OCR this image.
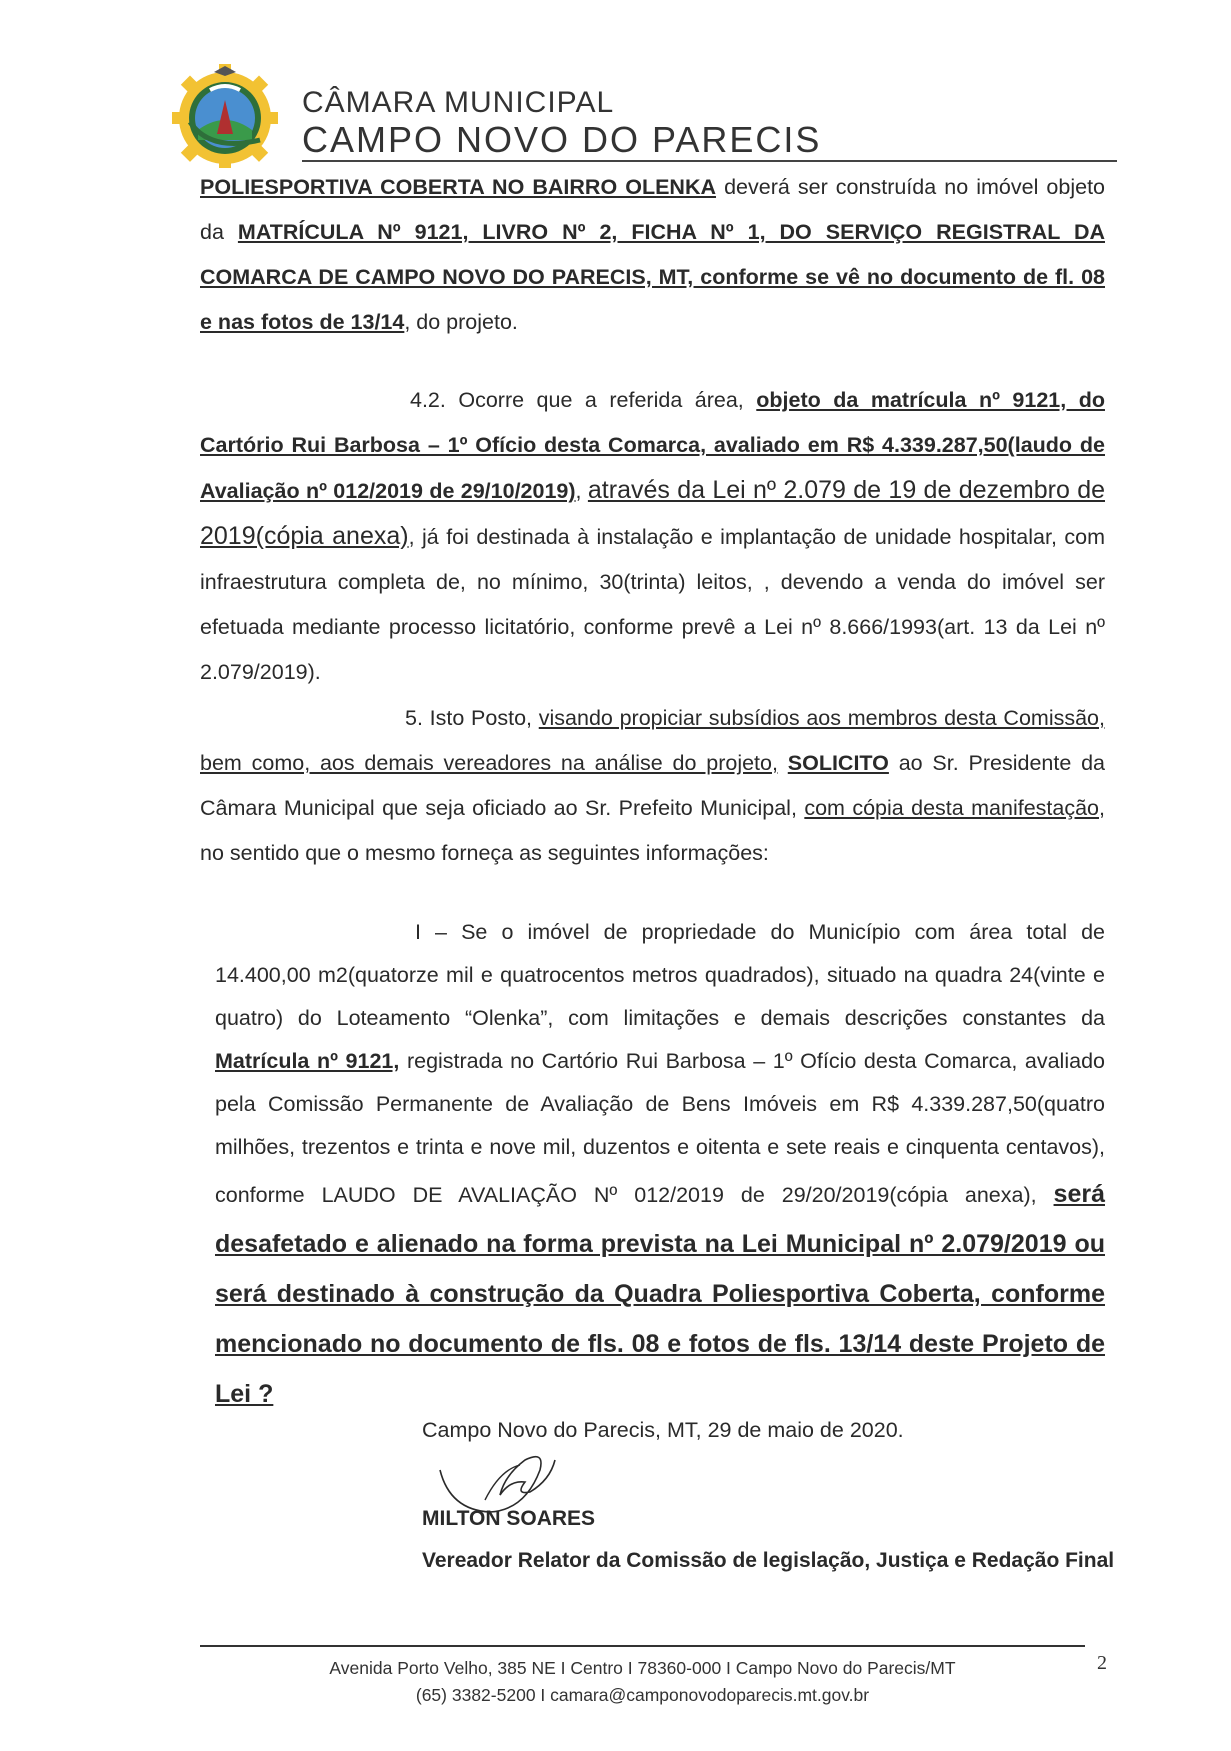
CÂMARA MUNICIPAL
CAMPO NOVO DO PARECIS
POLIESPORTIVA COBERTA NO BAIRRO OLENKA deverá ser construída no imóvel objeto da MATRÍCULA Nº 9121, LIVRO Nº 2, FICHA Nº 1, DO SERVIÇO REGISTRAL DA COMARCA DE CAMPO NOVO DO PARECIS, MT, conforme se vê no documento de fl. 08 e nas fotos de 13/14, do projeto.
4.2. Ocorre que a referida área, objeto da matrícula nº 9121, do Cartório Rui Barbosa – 1º Ofício desta Comarca, avaliado em R$ 4.339.287,50(laudo de Avaliação nº 012/2019 de 29/10/2019), através da Lei nº 2.079 de 19 de dezembro de 2019(cópia anexa), já foi destinada à instalação e implantação de unidade hospitalar, com infraestrutura completa de, no mínimo, 30(trinta) leitos, , devendo a venda do imóvel ser efetuada mediante processo licitatório, conforme prevê a Lei nº 8.666/1993(art. 13 da Lei nº 2.079/2019).
5. Isto Posto, visando propiciar subsídios aos membros desta Comissão, bem como, aos demais vereadores na análise do projeto, SOLICITO ao Sr. Presidente da Câmara Municipal que seja oficiado ao Sr. Prefeito Municipal, com cópia desta manifestação, no sentido que o mesmo forneça as seguintes informações:
I – Se o imóvel de propriedade do Município com área total de 14.400,00 m2(quatorze mil e quatrocentos metros quadrados), situado na quadra 24(vinte e quatro) do Loteamento “Olenka”, com limitações e demais descrições constantes da Matrícula nº 9121, registrada no Cartório Rui Barbosa – 1º Ofício desta Comarca, avaliado pela Comissão Permanente de Avaliação de Bens Imóveis em R$ 4.339.287,50(quatro milhões, trezentos e trinta e nove mil, duzentos e oitenta e sete reais e cinquenta centavos), conforme LAUDO DE AVALIAÇÃO Nº 012/2019 de 29/20/2019(cópia anexa), será desafetado e alienado na forma prevista na Lei Municipal nº 2.079/2019 ou será destinado à construção da Quadra Poliesportiva Coberta, conforme mencionado no documento de fls. 08 e fotos de fls. 13/14 deste Projeto de Lei ?
Campo Novo do Parecis, MT, 29 de maio de 2020.
MILTON SOARES
Vereador Relator da Comissão de legislação, Justiça e Redação Final
Avenida Porto Velho, 385 NE I Centro I 78360-000 I Campo Novo do Parecis/MT
(65) 3382-5200 I camara@camponovodoparecis.mt.gov.br
2
